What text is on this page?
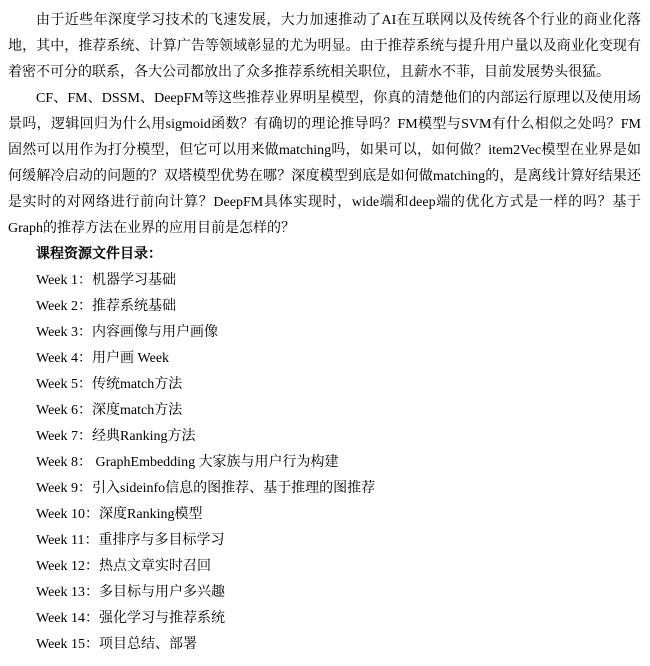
由于近些年深度学习技术的飞速发展，大力加速推动了AI在互联网以及传统各个行业的商业化落地，其中，推荐系统、计算广告等领域彰显的尤为明显。由于推荐系统与提升用户量以及商业化变现有着密不可分的联系，各大公司都放出了众多推荐系统相关职位，且薪水不菲，目前发展势头很猛。

CF、FM、DSSM、DeepFM等这些推荐业界明星模型，你真的清楚他们的内部运行原理以及使用场景吗，逻辑回归为什么用sigmoid函数？有确切的理论推导吗？FM模型与SVM有什么相似之处吗？FM固然可以用作为打分模型，但它可以用来做matching吗，如果可以，如何做？item2Vec模型在业界是如何缓解冷启动的问题的？双塔模型优势在哪？深度模型到底是如何做matching的，是离线计算好结果还是实时的对网络进行前向计算？DeepFM具体实现时，wide端和deep端的优化方式是一样的吗？基于Graph的推荐方法在业界的应用目前是怎样的？

课程资源文件目录：
Week 1：机器学习基础
Week 2：推荐系统基础
Week 3：内容画像与用户画像
Week 4：用户画 Week
Week 5：传统match方法
Week 6：深度match方法
Week 7：经典Ranking方法
Week 8： GraphEmbedding 大家族与用户行为构建
Week 9：引入sideinfo信息的图推荐、基于推理的图推荐
Week 10：深度Ranking模型
Week 11：重排序与多目标学习
Week 12：热点文章实时召回
Week 13：多目标与用户多兴趣
Week 14：强化学习与推荐系统
Week 15：项目总结、部署
